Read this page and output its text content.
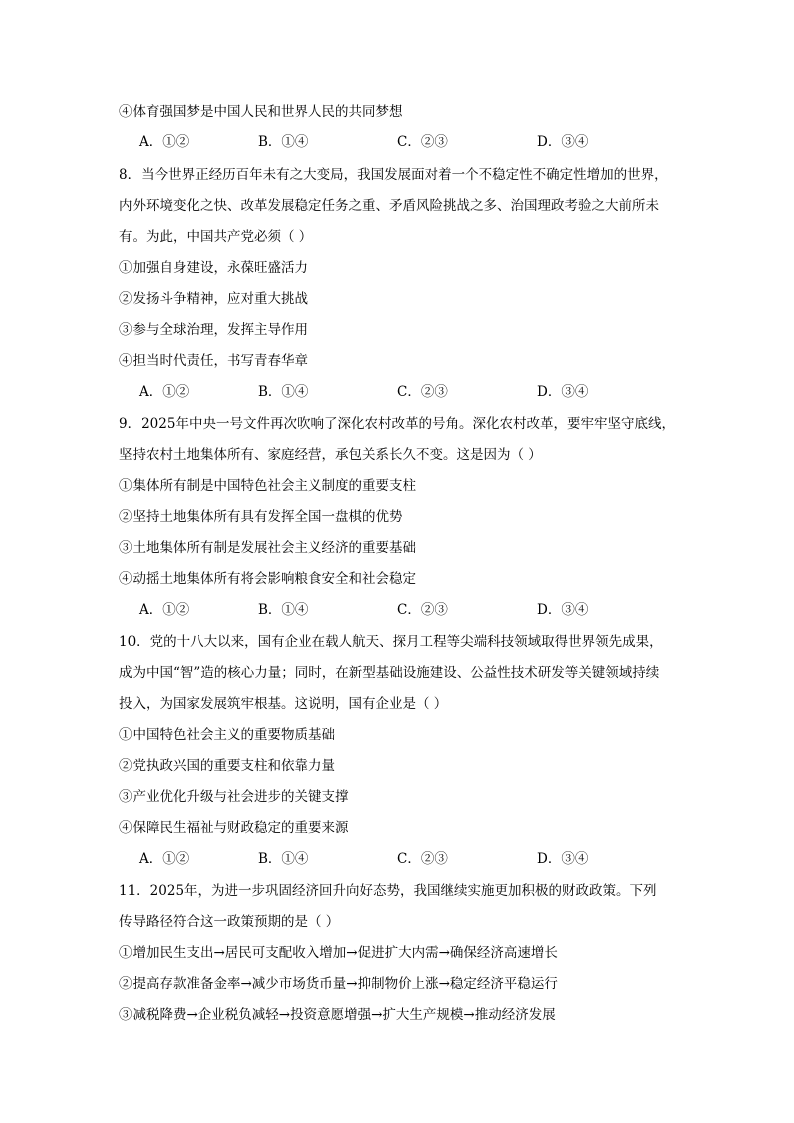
④体育强国梦是中国人民和世界人民的共同梦想
A．①②	B．①④	C．②③	D．③④
8．当今世界正经历百年未有之大变局，我国发展面对着一个不稳定性不确定性增加的世界，
内外环境变化之快、改革发展稳定任务之重、矛盾风险挑战之多、治国理政考验之大前所未
有。为此，中国共产党必须（ ）
①加强自身建设，永葆旺盛活力
②发扬斗争精神，应对重大挑战
③参与全球治理，发挥主导作用
④担当时代责任，书写青春华章
A．①②	B．①④	C．②③	D．③④
9．2025年中央一号文件再次吹响了深化农村改革的号角。深化农村改革，要牢牢坚守底线，
坚持农村土地集体所有、家庭经营，承包关系长久不变。这是因为（ ）
①集体所有制是中国特色社会主义制度的重要支柱
②坚持土地集体所有具有发挥全国一盘棋的优势
③土地集体所有制是发展社会主义经济的重要基础
④动摇土地集体所有将会影响粮食安全和社会稳定
A．①②	B．①④	C．②③	D．③④
10．党的十八大以来，国有企业在载人航天、探月工程等尖端科技领域取得世界领先成果，
成为中国“智”造的核心力量；同时，在新型基础设施建设、公益性技术研发等关键领域持续
投入，为国家发展筑牢根基。这说明，国有企业是（ ）
①中国特色社会主义的重要物质基础
②党执政兴国的重要支柱和依靠力量
③产业优化升级与社会进步的关键支撑
④保障民生福祉与财政稳定的重要来源
A．①②	B．①④	C．②③	D．③④
11．2025年，为进一步巩固经济回升向好态势，我国继续实施更加积极的财政政策。下列
传导路径符合这一政策预期的是（ ）
①增加民生支出→居民可支配收入增加→促进扩大内需→确保经济高速增长
②提高存款准备金率→减少市场货币量→抑制物价上涨→稳定经济平稳运行
③减税降费→企业税负减轻→投资意愿增强→扩大生产规模→推动经济发展
